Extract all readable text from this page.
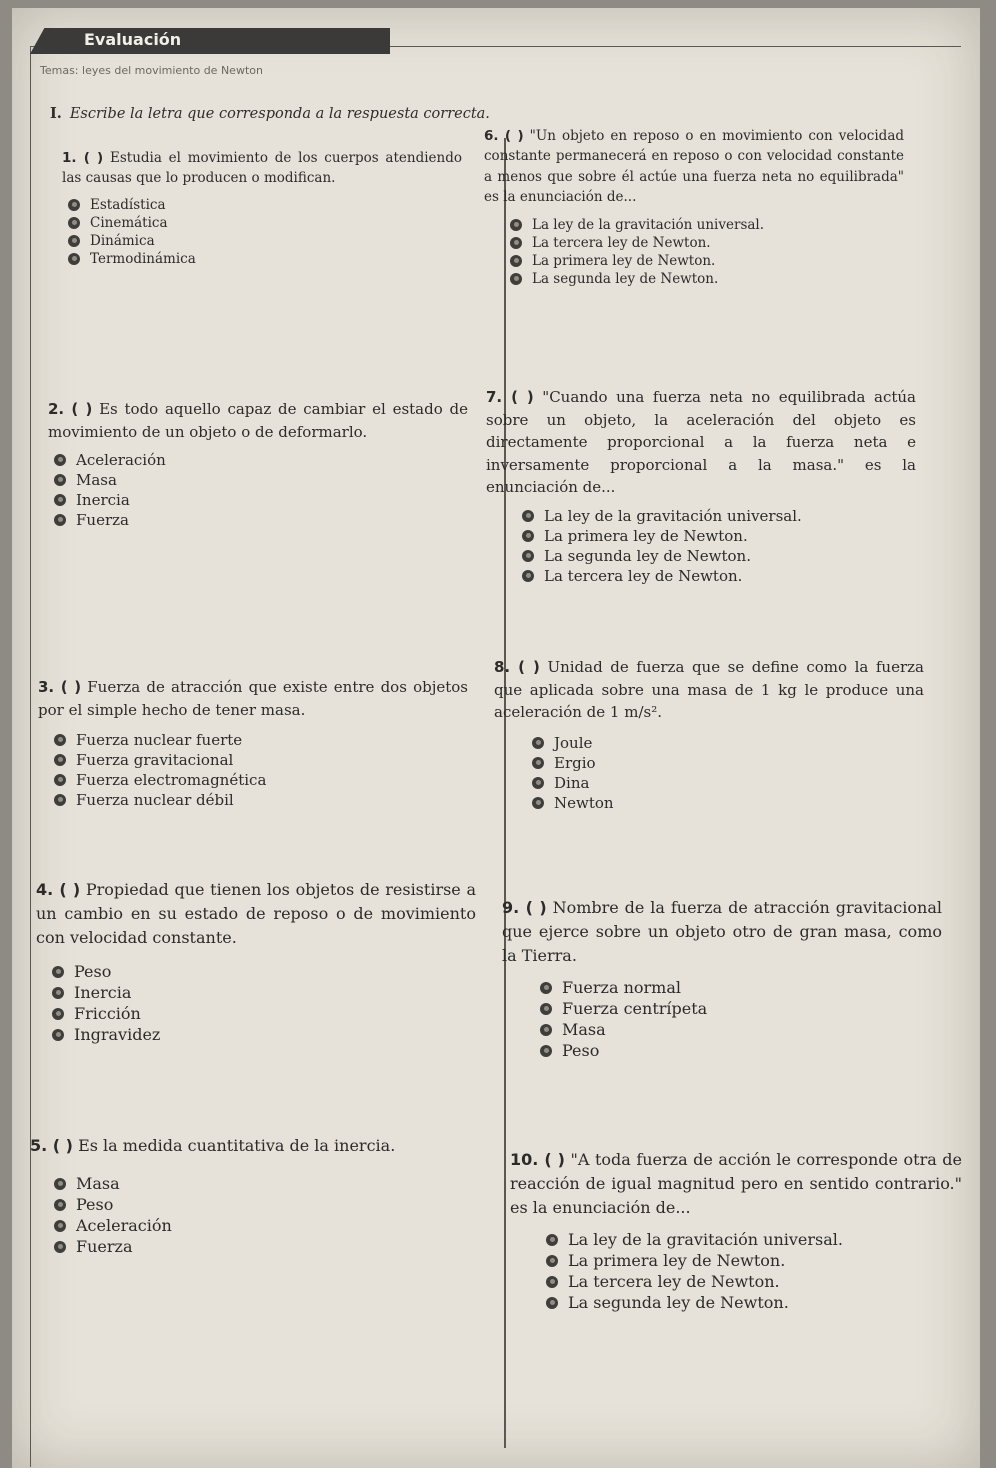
Evaluación
Temas: leyes del movimiento de Newton
I. Escribe la letra que corresponda a la respuesta correcta.
1. ( ) Estudia el movimiento de los cuerpos atendiendo las causas que lo producen o modifican.
Estadística
Cinemática
Dinámica
Termodinámica
2. ( ) Es todo aquello capaz de cambiar el estado de movimiento de un objeto o de deformarlo.
Aceleración
Masa
Inercia
Fuerza
3. ( ) Fuerza de atracción que existe entre dos objetos por el simple hecho de tener masa.
Fuerza nuclear fuerte
Fuerza gravitacional
Fuerza electromagnética
Fuerza nuclear débil
4. ( ) Propiedad que tienen los objetos de resistirse a un cambio en su estado de reposo o de movimiento con velocidad constante.
Peso
Inercia
Fricción
Ingravidez
5. ( ) Es la medida cuantitativa de la inercia.
Masa
Peso
Aceleración
Fuerza
6. ( ) "Un objeto en reposo o en movimiento con velocidad constante permanecerá en reposo o con velocidad constante a menos que sobre él actúe una fuerza neta no equilibrada" es la enunciación de...
La ley de la gravitación universal.
La tercera ley de Newton.
La primera ley de Newton.
La segunda ley de Newton.
7. ( ) "Cuando una fuerza neta no equilibrada actúa sobre un objeto, la aceleración del objeto es directamente proporcional a la fuerza neta e inversamente proporcional a la masa." es la enunciación de...
La ley de la gravitación universal.
La primera ley de Newton.
La segunda ley de Newton.
La tercera ley de Newton.
8. ( ) Unidad de fuerza que se define como la fuerza que aplicada sobre una masa de 1 kg le produce una aceleración de 1 m/s².
Joule
Ergio
Dina
Newton
9. ( ) Nombre de la fuerza de atracción gravitacional que ejerce sobre un objeto otro de gran masa, como la Tierra.
Fuerza normal
Fuerza centrípeta
Masa
Peso
10. ( ) "A toda fuerza de acción le corresponde otra de reacción de igual magnitud pero en sentido contrario." es la enunciación de...
La ley de la gravitación universal.
La primera ley de Newton.
La tercera ley de Newton.
La segunda ley de Newton.
